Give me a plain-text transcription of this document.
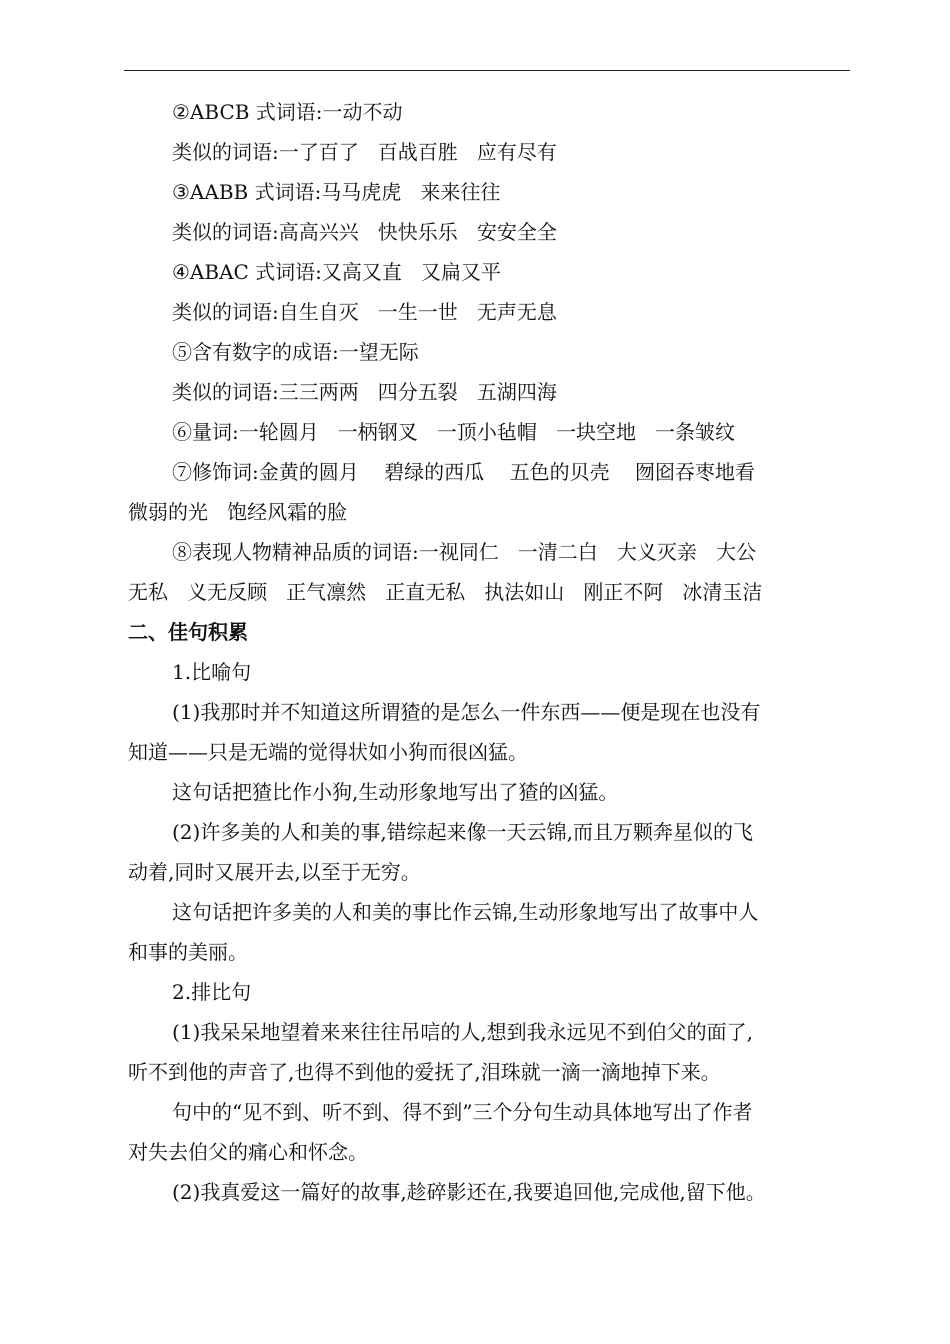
②ABCB 式词语:一动不动
类似的词语:一了百了   百战百胜   应有尽有
③AABB 式词语:马马虎虎   来来往往
类似的词语:高高兴兴   快快乐乐   安安全全
④ABAC 式词语:又高又直   又扁又平
类似的词语:自生自灭   一生一世   无声无息
⑤含有数字的成语:一望无际
类似的词语:三三两两   四分五裂   五湖四海
⑥量词:一轮圆月   一柄钢叉   一顶小毡帽   一块空地   一条皱纹
⑦修饰词:金黄的圆月    碧绿的西瓜    五色的贝壳    囫囵吞枣地看
微弱的光   饱经风霜的脸
⑧表现人物精神品质的词语:一视同仁   一清二白   大义灭亲   大公
无私   义无反顾   正气凛然   正直无私   执法如山   刚正不阿   冰清玉洁
二、佳句积累
1.比喻句
(1)我那时并不知道这所谓猹的是怎么一件东西——便是现在也没有
知道——只是无端的觉得状如小狗而很凶猛。
这句话把猹比作小狗,生动形象地写出了猹的凶猛。
(2)许多美的人和美的事,错综起来像一天云锦,而且万颗奔星似的飞
动着,同时又展开去,以至于无穷。
这句话把许多美的人和美的事比作云锦,生动形象地写出了故事中人
和事的美丽。
2.排比句
(1)我呆呆地望着来来往往吊唁的人,想到我永远见不到伯父的面了,
听不到他的声音了,也得不到他的爱抚了,泪珠就一滴一滴地掉下来。
句中的“见不到、听不到、得不到”三个分句生动具体地写出了作者
对失去伯父的痛心和怀念。
(2)我真爱这一篇好的故事,趁碎影还在,我要追回他,完成他,留下他。
